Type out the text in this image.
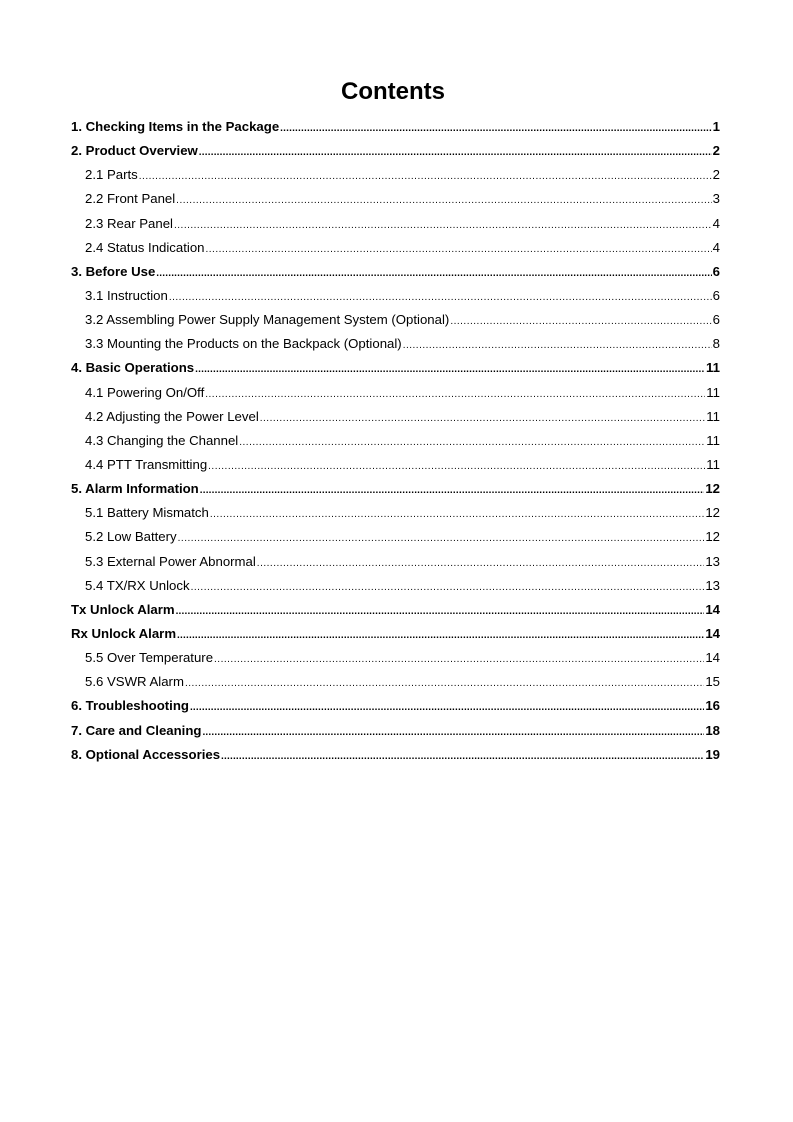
Contents
1. Checking Items in the Package .....	1
2. Product Overview .....	2
2.1 Parts .....	2
2.2 Front Panel .....	3
2.3 Rear Panel .....	4
2.4 Status Indication .....	4
3. Before Use .....	6
3.1 Instruction .....	6
3.2 Assembling Power Supply Management System (Optional) .....	6
3.3 Mounting the Products on the Backpack (Optional) .....	8
4. Basic Operations .....	11
4.1 Powering On/Off .....	11
4.2 Adjusting the Power Level .....	11
4.3 Changing the Channel .....	11
4.4 PTT Transmitting .....	11
5. Alarm Information .....	12
5.1 Battery Mismatch .....	12
5.2 Low Battery .....	12
5.3 External Power Abnormal .....	13
5.4 TX/RX Unlock .....	13
Tx Unlock Alarm .....	14
Rx Unlock Alarm .....	14
5.5 Over Temperature .....	14
5.6 VSWR Alarm .....	15
6. Troubleshooting .....	16
7. Care and Cleaning .....	18
8. Optional Accessories .....	19
